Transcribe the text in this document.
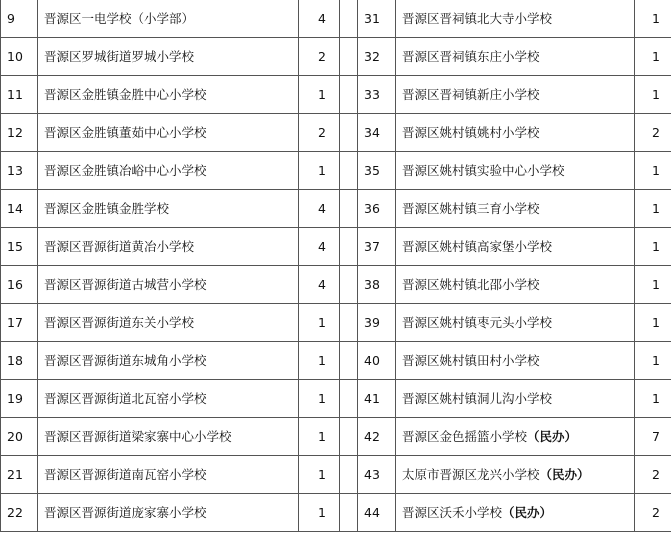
9	晋源区一电学校（小学部）	4		31	晋源区晋祠镇北大寺小学校	1
10	晋源区罗城街道罗城小学校	2		32	晋源区晋祠镇东庄小学校	1
11	晋源区金胜镇金胜中心小学校	1		33	晋源区晋祠镇新庄小学校	1
12	晋源区金胜镇董茹中心小学校	2		34	晋源区姚村镇姚村小学校	2
13	晋源区金胜镇冶峪中心小学校	1		35	晋源区姚村镇实验中心小学校	1
14	晋源区金胜镇金胜学校	4		36	晋源区姚村镇三育小学校	1
15	晋源区晋源街道黄冶小学校	4		37	晋源区姚村镇高家堡小学校	1
16	晋源区晋源街道古城营小学校	4		38	晋源区姚村镇北邵小学校	1
17	晋源区晋源街道东关小学校	1		39	晋源区姚村镇枣元头小学校	1
18	晋源区晋源街道东城角小学校	1		40	晋源区姚村镇田村小学校	1
19	晋源区晋源街道北瓦窑小学校	1		41	晋源区姚村镇洞儿沟小学校	1
20	晋源区晋源街道梁家寨中心小学校	1		42	晋源区金色摇篮小学校（民办）	7
21	晋源区晋源街道南瓦窑小学校	1		43	太原市晋源区龙兴小学校（民办）	2
22	晋源区晋源街道庞家寨小学校	1		44	晋源区沃禾小学校（民办）	2
